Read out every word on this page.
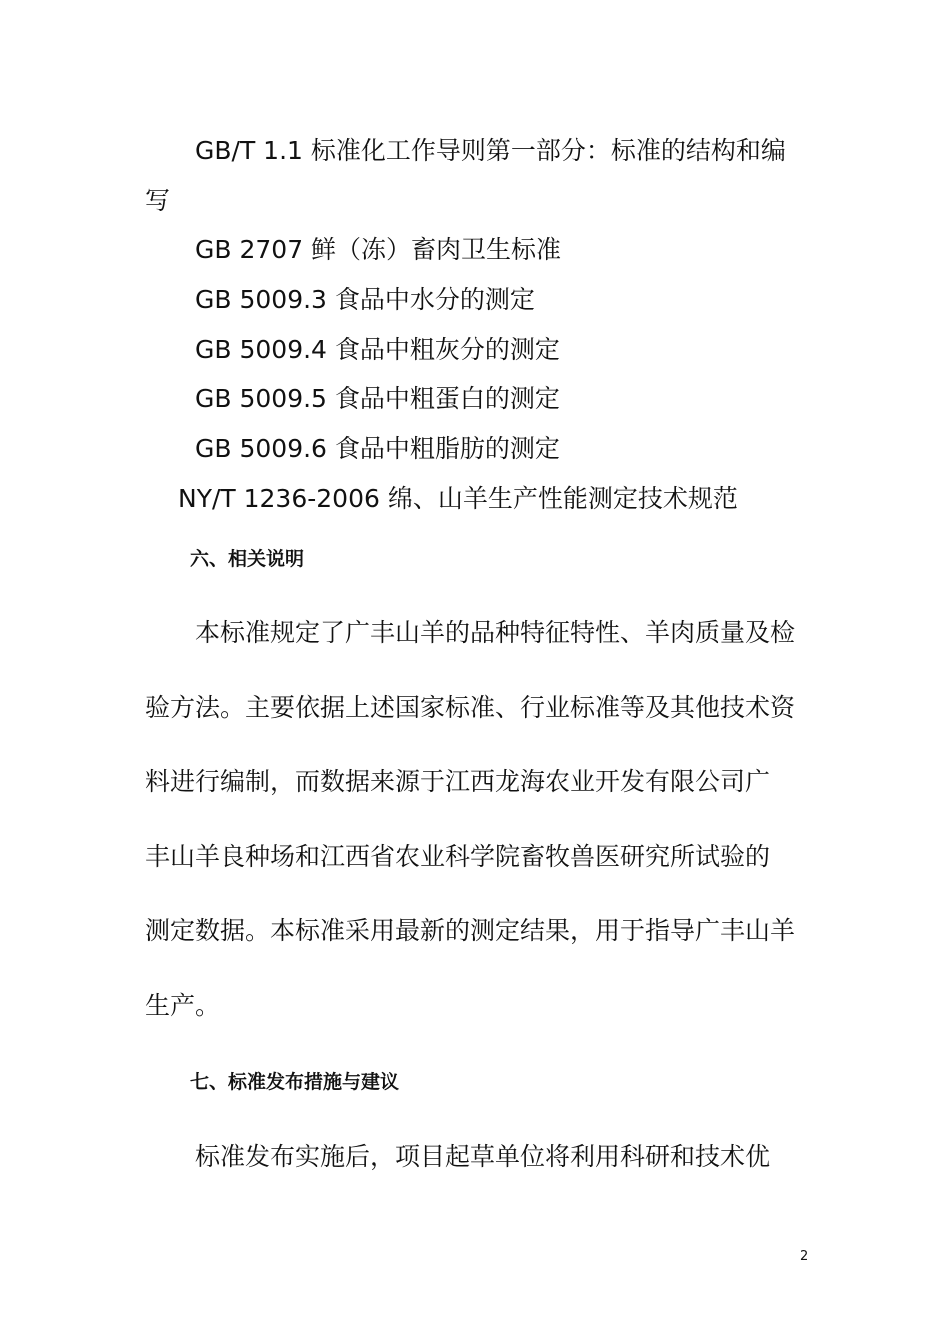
GB/T 1.1 标准化工作导则第一部分：标准的结构和编
写
GB 2707 鲜（冻）畜肉卫生标准
GB 5009.3 食品中水分的测定
GB 5009.4 食品中粗灰分的测定
GB 5009.5 食品中粗蛋白的测定
GB 5009.6 食品中粗脂肪的测定
NY/T 1236-2006 绵、山羊生产性能测定技术规范
六、相关说明
本标准规定了广丰山羊的品种特征特性、羊肉质量及检
验方法。主要依据上述国家标准、行业标准等及其他技术资
料进行编制，而数据来源于江西龙海农业开发有限公司广
丰山羊良种场和江西省农业科学院畜牧兽医研究所试验的
测定数据。本标准采用最新的测定结果，用于指导广丰山羊
生产。
七、标准发布措施与建议
标准发布实施后，项目起草单位将利用科研和技术优
2
